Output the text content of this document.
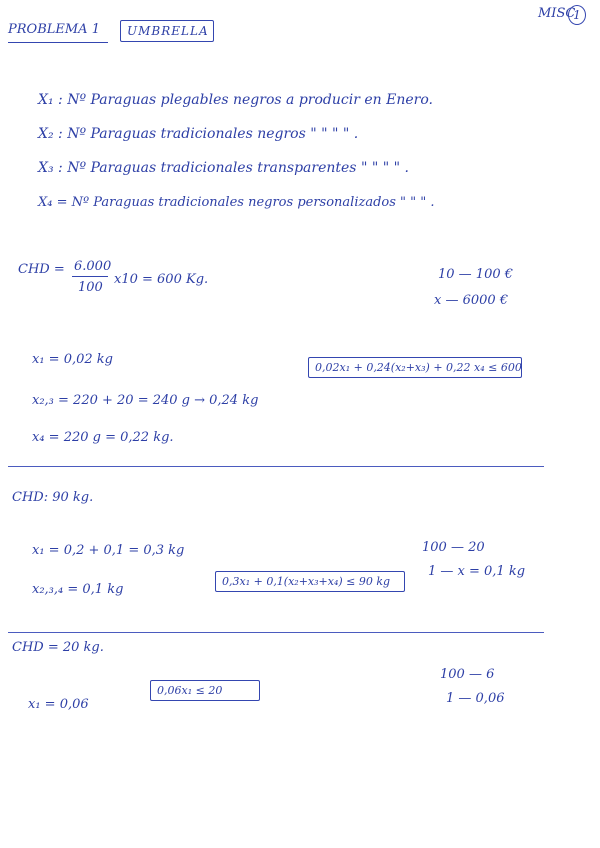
PROBLEMA 1	UMBRELLA
MISC
1
X₁ : Nº Paraguas plegables negros a producir en Enero.
X₂ : Nº Paraguas tradicionales negros " " " " .
X₃ : Nº Paraguas tradicionales transparentes " " " " .
X₄ = Nº Paraguas tradicionales negros personalizados " " " .
CHD = 6.000
100
x10 = 600 Kg.	10 — 100 €
x — 6000 €
x₁ = 0,02 kg
0,02x₁ + 0,24(x₂+x₃) + 0,22 x₄ ≤ 600
x₂,₃ = 220 + 20 = 240 g → 0,24 kg
x₄ = 220 g = 0,22 kg.
CHD: 90 kg.
x₁ = 0,2 + 0,1 = 0,3 kg	100 — 20
1 — x = 0,1 kg
0,3x₁ + 0,1(x₂+x₃+x₄) ≤ 90 kg
x₂,₃,₄ = 0,1 kg
CHD = 20 kg.
100 — 6
0,06x₁ ≤ 20
1 — 0,06
x₁ = 0,06
